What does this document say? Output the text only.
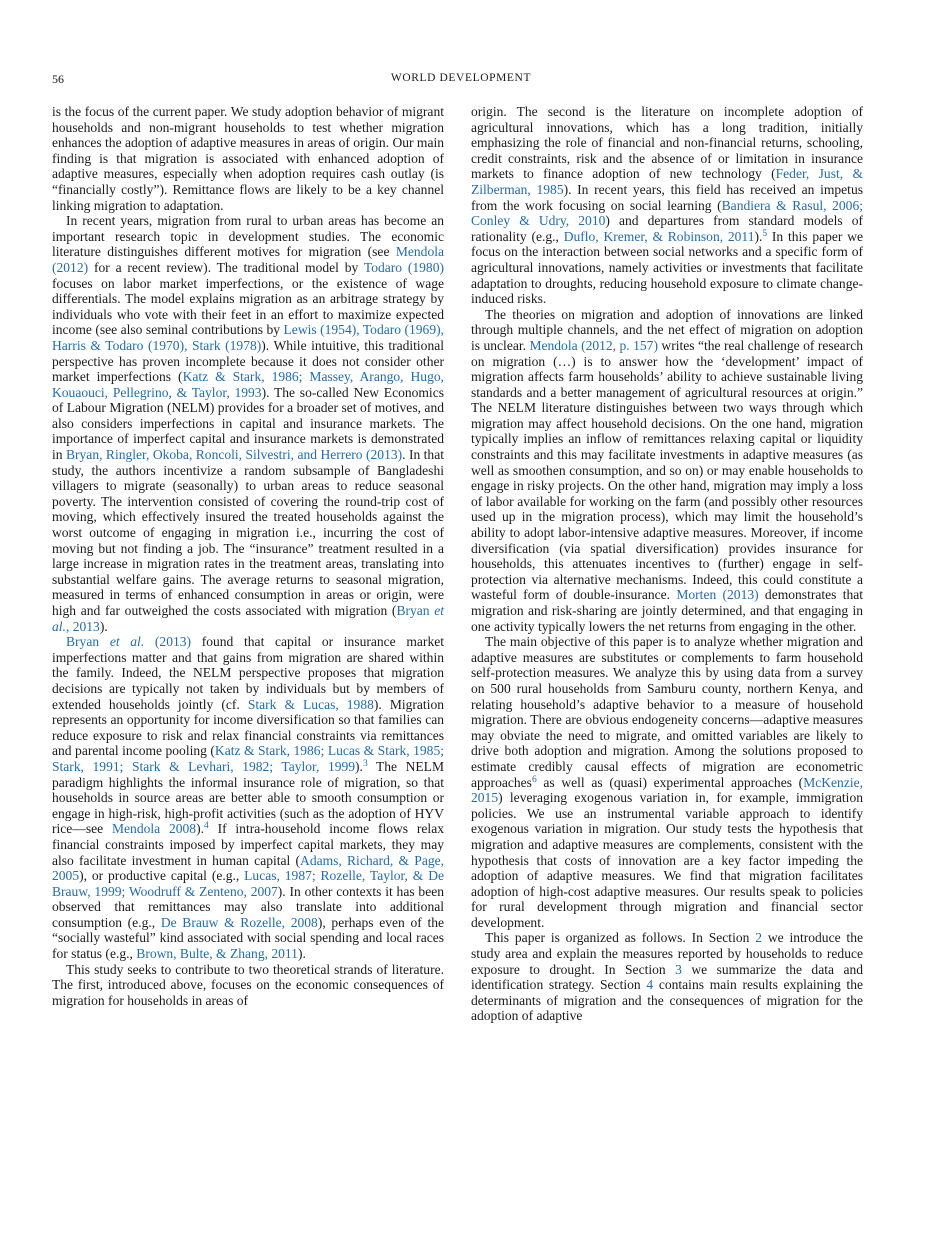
56	WORLD DEVELOPMENT

is the focus of the current paper. We study adoption behavior of migrant households and non-migrant households to test whether migration enhances the adoption of adaptive measures in areas of origin. Our main finding is that migration is associated with enhanced adoption of adaptive measures, especially when adoption requires cash outlay (is “financially costly”). Remittance flows are likely to be a key channel linking migration to adaptation.

In recent years, migration from rural to urban areas has become an important research topic in development studies. The economic literature distinguishes different motives for migration (see Mendola (2012) for a recent review). The traditional model by Todaro (1980) focuses on labor market imperfections, or the existence of wage differentials. The model explains migration as an arbitrage strategy by individuals who vote with their feet in an effort to maximize expected income (see also seminal contributions by Lewis (1954), Todaro (1969), Harris & Todaro (1970), Stark (1978)). While intuitive, this traditional perspective has proven incomplete because it does not consider other market imperfections (Katz & Stark, 1986; Massey, Arango, Hugo, Kouaouci, Pellegrino, & Taylor, 1993). The so-called New Economics of Labour Migration (NELM) provides for a broader set of motives, and also considers imperfections in capital and insurance markets. The importance of imperfect capital and insurance markets is demonstrated in Bryan, Ringler, Okoba, Roncoli, Silvestri, and Herrero (2013). In that study, the authors incentivize a random subsample of Bangladeshi villagers to migrate (seasonally) to urban areas to reduce seasonal poverty. The intervention consisted of covering the round-trip cost of moving, which effectively insured the treated households against the worst outcome of engaging in migration i.e., incurring the cost of moving but not finding a job. The “insurance” treatment resulted in a large increase in migration rates in the treatment areas, translating into substantial welfare gains. The average returns to seasonal migration, measured in terms of enhanced consumption in areas or origin, were high and far outweighed the costs associated with migration (Bryan et al., 2013).

Bryan et al. (2013) found that capital or insurance market imperfections matter and that gains from migration are shared within the family. Indeed, the NELM perspective proposes that migration decisions are typically not taken by individuals but by members of extended households jointly (cf. Stark & Lucas, 1988). Migration represents an opportunity for income diversification so that families can reduce exposure to risk and relax financial constraints via remittances and parental income pooling (Katz & Stark, 1986; Lucas & Stark, 1985; Stark, 1991; Stark & Levhari, 1982; Taylor, 1999).$^3$ The NELM paradigm highlights the informal insurance role of migration, so that households in source areas are better able to smooth consumption or engage in high-risk, high-profit activities (such as the adoption of HYV rice—see Mendola 2008).$^4$ If intra-household income flows relax financial constraints imposed by imperfect capital markets, they may also facilitate investment in human capital (Adams, Richard, & Page, 2005), or productive capital (e.g., Lucas, 1987; Rozelle, Taylor, & De Brauw, 1999; Woodruff & Zenteno, 2007). In other contexts it has been observed that remittances may also translate into additional consumption (e.g., De Brauw & Rozelle, 2008), perhaps even of the “socially wasteful” kind associated with social spending and local races for status (e.g., Brown, Bulte, & Zhang, 2011).

This study seeks to contribute to two theoretical strands of literature. The first, introduced above, focuses on the economic consequences of migration for households in areas of

origin. The second is the literature on incomplete adoption of agricultural innovations, which has a long tradition, initially emphasizing the role of financial and non-financial returns, schooling, credit constraints, risk and the absence of or limitation in insurance markets to finance adoption of new technology (Feder, Just, & Zilberman, 1985). In recent years, this field has received an impetus from the work focusing on social learning (Bandiera & Rasul, 2006; Conley & Udry, 2010) and departures from standard models of rationality (e.g., Duflo, Kremer, & Robinson, 2011).$^5$ In this paper we focus on the interaction between social networks and a specific form of agricultural innovations, namely activities or investments that facilitate adaptation to droughts, reducing household exposure to climate change-induced risks.

The theories on migration and adoption of innovations are linked through multiple channels, and the net effect of migration on adoption is unclear. Mendola (2012, p. 157) writes “the real challenge of research on migration (…) is to answer how the ‘development’ impact of migration affects farm households’ ability to achieve sustainable living standards and a better management of agricultural resources at origin.” The NELM literature distinguishes between two ways through which migration may affect household decisions. On the one hand, migration typically implies an inflow of remittances relaxing capital or liquidity constraints and this may facilitate investments in adaptive measures (as well as smoothen consumption, and so on) or may enable households to engage in risky projects. On the other hand, migration may imply a loss of labor available for working on the farm (and possibly other resources used up in the migration process), which may limit the household’s ability to adopt labor-intensive adaptive measures. Moreover, if income diversification (via spatial diversification) provides insurance for households, this attenuates incentives to (further) engage in self-protection via alternative mechanisms. Indeed, this could constitute a wasteful form of double-insurance. Morten (2013) demonstrates that migration and risk-sharing are jointly determined, and that engaging in one activity typically lowers the net returns from engaging in the other.

The main objective of this paper is to analyze whether migration and adaptive measures are substitutes or complements to farm household self-protection measures. We analyze this by using data from a survey on 500 rural households from Samburu county, northern Kenya, and relating household’s adaptive behavior to a measure of household migration. There are obvious endogeneity concerns—adaptive measures may obviate the need to migrate, and omitted variables are likely to drive both adoption and migration. Among the solutions proposed to estimate credibly causal effects of migration are econometric approaches$^6$ as well as (quasi) experimental approaches (McKenzie, 2015) leveraging exogenous variation in, for example, immigration policies. We use an instrumental variable approach to identify exogenous variation in migration. Our study tests the hypothesis that migration and adaptive measures are complements, consistent with the hypothesis that costs of innovation are a key factor impeding the adoption of adaptive measures. We find that migration facilitates adoption of high-cost adaptive measures. Our results speak to policies for rural development through migration and financial sector development.

This paper is organized as follows. In Section 2 we introduce the study area and explain the measures reported by households to reduce exposure to drought. In Section 3 we summarize the data and identification strategy. Section 4 contains main results explaining the determinants of migration and the consequences of migration for the adoption of adaptive
